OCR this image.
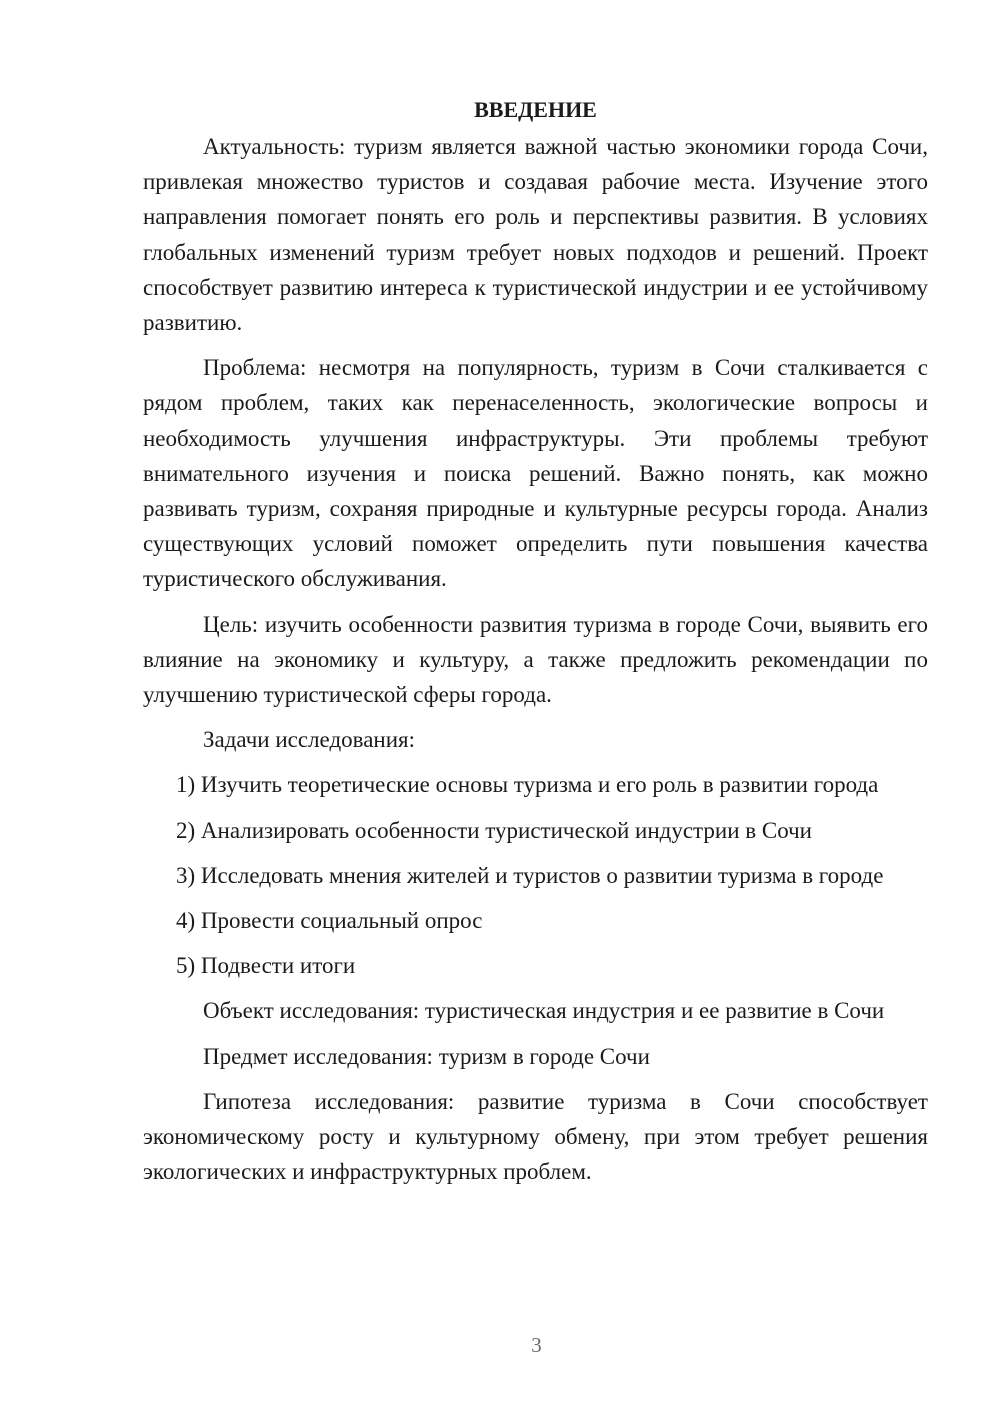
ВВЕДЕНИЕ

Актуальность: туризм является важной частью экономики города Сочи, привлекая множество туристов и создавая рабочие места. Изучение этого направления помогает понять его роль и перспективы развития. В условиях глобальных изменений туризм требует новых подходов и решений. Проект способствует развитию интереса к туристической индустрии и ее устойчивому развитию.

Проблема: несмотря на популярность, туризм в Сочи сталкивается с рядом проблем, таких как перенаселенность, экологические вопросы и необходимость улучшения инфраструктуры. Эти проблемы требуют внимательного изучения и поиска решений. Важно понять, как можно развивать туризм, сохраняя природные и культурные ресурсы города. Анализ существующих условий поможет определить пути повышения качества туристического обслуживания.

Цель: изучить особенности развития туризма в городе Сочи, выявить его влияние на экономику и культуру, а также предложить рекомендации по улучшению туристической сферы города.

Задачи исследования:

1) Изучить теоретические основы туризма и его роль в развитии города

2) Анализировать особенности туристической индустрии в Сочи

3) Исследовать мнения жителей и туристов о развитии туризма в городе

4) Провести социальный опрос

5) Подвести итоги

Объект исследования: туристическая индустрия и ее развитие в Сочи

Предмет исследования: туризм в городе Сочи

Гипотеза исследования: развитие туризма в Сочи способствует экономическому росту и культурному обмену, при этом требует решения экологических и инфраструктурных проблем.

3
